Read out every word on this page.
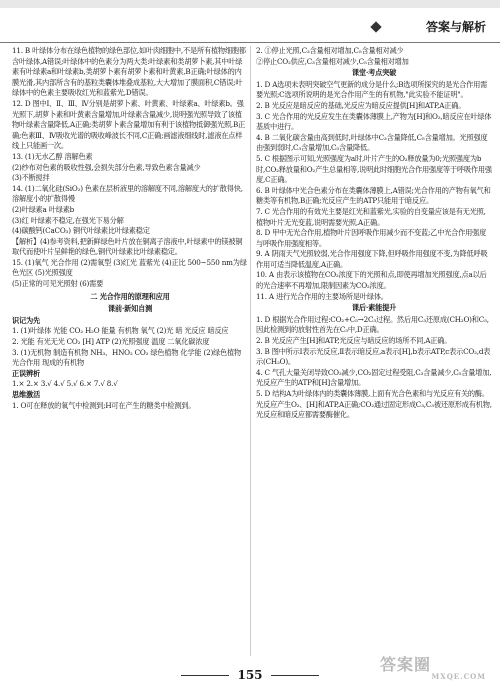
答案与解析

11. B 叶绿体分布在绿色植物的绿色部位,如叶肉细胞中,不是所有植物细胞都含叶绿体,A错误;叶绿体中的色素分为两大类:叶绿素和类胡萝卜素,其中叶绿素有叶绿素a和叶绿素b,类胡萝卜素有胡萝卜素和叶黄素,B正确;叶绿体的内膜光滑,其内部所含有的基粒类囊体堆叠成基粒,大大增加了膜面积,C错误;叶绿体中的色素主要吸收红光和蓝紫光,D错误。

12. D 图中Ⅰ、Ⅱ、Ⅲ、Ⅳ分别是胡萝卜素、叶黄素、叶绿素a、叶绿素b。强光照下,胡萝卜素和叶黄素含量增加,叶绿素含量减少,说明强光照导致了该植物叶绿素含量降低,A正确;类胡萝卜素含量增加有利于该植物抵御强光照,B正确;色素Ⅲ、Ⅳ吸收光谱的吸收峰波长不同,C正确;画滤液细线时,滤液在点样线上只能画一次。

13. (1)无水乙醇 溶解色素

(2)纱布对色素的吸收性强,会损失部分色素,导致色素含量减少

(3)不断搅拌

14. (1)二氧化硅(SiO₂) 色素在层析液里的溶解度不同,溶解度大的扩散得快,溶解度小的扩散得慢

(2)叶绿素a 叶绿素b

(3)红 叶绿素不稳定,在强光下易分解

(4)碳酸钙(CaCO₃) 铜代叶绿素比叶绿素稳定

【解析】(4)参考资料,把新鲜绿色叶片放在铜离子溶液中,叶绿素中的镁被铜取代而使叶片呈鲜艳的绿色,铜代叶绿素比叶绿素稳定。

15. (1)氧气 光合作用 (2)需氧型 (3)红光 蓝紫光 (4)正比 500~550 nm为绿色光区 (5)光照强度

(5)正常的可见光照射 (6)需要

二 光合作用的原理和应用

课前·新知自测

识记为先

1. (1)叶绿体 光能 CO₂ H₂O 能量 有机物 氧气 (2)光 暗 光反应 暗反应

2. 光能 有光无光 CO₂ [H] ATP (2)光照强度 温度 二氧化碳浓度

3. (1)无机物 制造有机物 NH₃、HNO₂ CO₂ 绿色植物 化学能 (2)绿色植物 光合作用 现成的有机物

正误辨析

1.× 2.× 3.√ 4.√ 5.√ 6.× 7.√ 8.√

思维激活

1. O可在释放的氧气中检测到;H可在产生的糖类中检测到。

2. ①停止光照,C₃含量相对增加,C₅含量相对减少

②停止CO₂供应,C₃含量相对减少,C₅含量相对增加

课堂·考点突破

1. D A选项未表明突破空气更新的成分是什么;B选项所探究的是光合作用需要光照;C选项所说明的是光合作用产生的有机物,"此实验不能证明"。

2. B 光反应是暗反应的基础,光反应为暗反应提供[H]和ATP,A正确。

3. C 光合作用的光反应发生在类囊体薄膜上,产物为[H]和O₂,暗反应在叶绿体基质中进行。

4. B 二氧化碳含量由高到低时,叶绿体中C₃含量降低,C₅含量增加。光照强度由强到弱时,C₃含量增加,C₅含量降低。

5. C 根据图示可知,光照强度为a时,叶片产生的O₂释放量为0;光照强度为b时,CO₂释放量和O₂产生总量相等,说明此时细胞光合作用强度等于呼吸作用强度,C正确。

6. B 叶绿体中光合色素分布在类囊体薄膜上,A错误;光合作用的产物有氧气和糖类等有机物,B正确;光反应产生的ATP只能用于暗反应。

7. C 光合作用的有效光主要是红光和蓝紫光,实验的自变量应该是有无光照,植物叶片无光变蓝,说明需要光照,A正确。

8. D 甲中无光合作用,植物叶片因呼吸作用减少而不变蓝;乙中光合作用强度与呼吸作用强度相等。

9. A 阴雨天气光照较弱,光合作用强度下降,但呼吸作用强度不变,为降低呼吸作用可适当降低温度,A正确。

10. A 由表示该植物在CO₂浓度下的光照和点,即使再增加光照强度,点a以后的光合速率不再增加,限制因素为CO₂浓度。

11. A 进行光合作用的主要场所是叶绿体。

课后·素能提升

1. D 根据光合作用过程:CO₂+C₅→2C₃过程。然后用C₃还原成(CH₂O)和C₅,因此检测到的放射性首先在C₃中,D正确。

2. B 光反应产生[H]和ATP,光反应与暗反应的场所不同,A正确。

3. B 图中所示Ⅰ表示光反应,Ⅱ表示暗反应,a表示[H],b表示ATP,c表示CO₂,d表示(CH₂O)。

4. C 气孔大量关闭导致CO₂减少,CO₂固定过程受阻,C₃含量减少,C₅含量增加,光反应产生的ATP和[H]含量增加。

5. D 结构A为叶绿体内的类囊体薄膜,上面有光合色素和与光反应有关的酶。光反应产生O₂、[H]和ATP,A正确;CO₂通过固定形成C₃,C₃被还原形成有机物,光反应和暗反应都需要酶催化。

155
答案圈
MXQE.COM
